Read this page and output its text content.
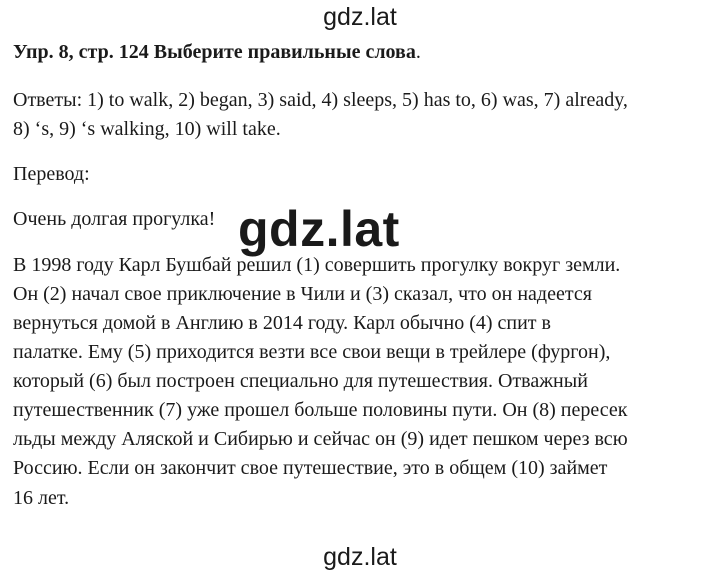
gdz.lat
Упр. 8, стр. 124 Выберите правильные слова.
Ответы: 1) to walk, 2) began, 3) said, 4) sleeps, 5) has to, 6) was, 7) already,
8) ‘s, 9) ‘s walking, 10) will take.
Перевод:
Очень долгая прогулка!
В 1998 году Карл Бушбай решил (1) совершить прогулку вокруг земли.
Он (2) начал свое приключение в Чили и (3) сказал, что он надеется
вернуться домой в Англию в 2014 году. Карл обычно (4) спит в
палатке. Ему (5) приходится везти все свои вещи в трейлере (фургон),
который (6) был построен специально для путешествия. Отважный
путешественник (7) уже прошел больше половины пути. Он (8) пересек
льды между Аляской и Сибирью и сейчас он (9) идет пешком через всю
Россию. Если он закончит свое путешествие, это в общем (10) займет
16 лет.
gdz.lat
gdz.lat
